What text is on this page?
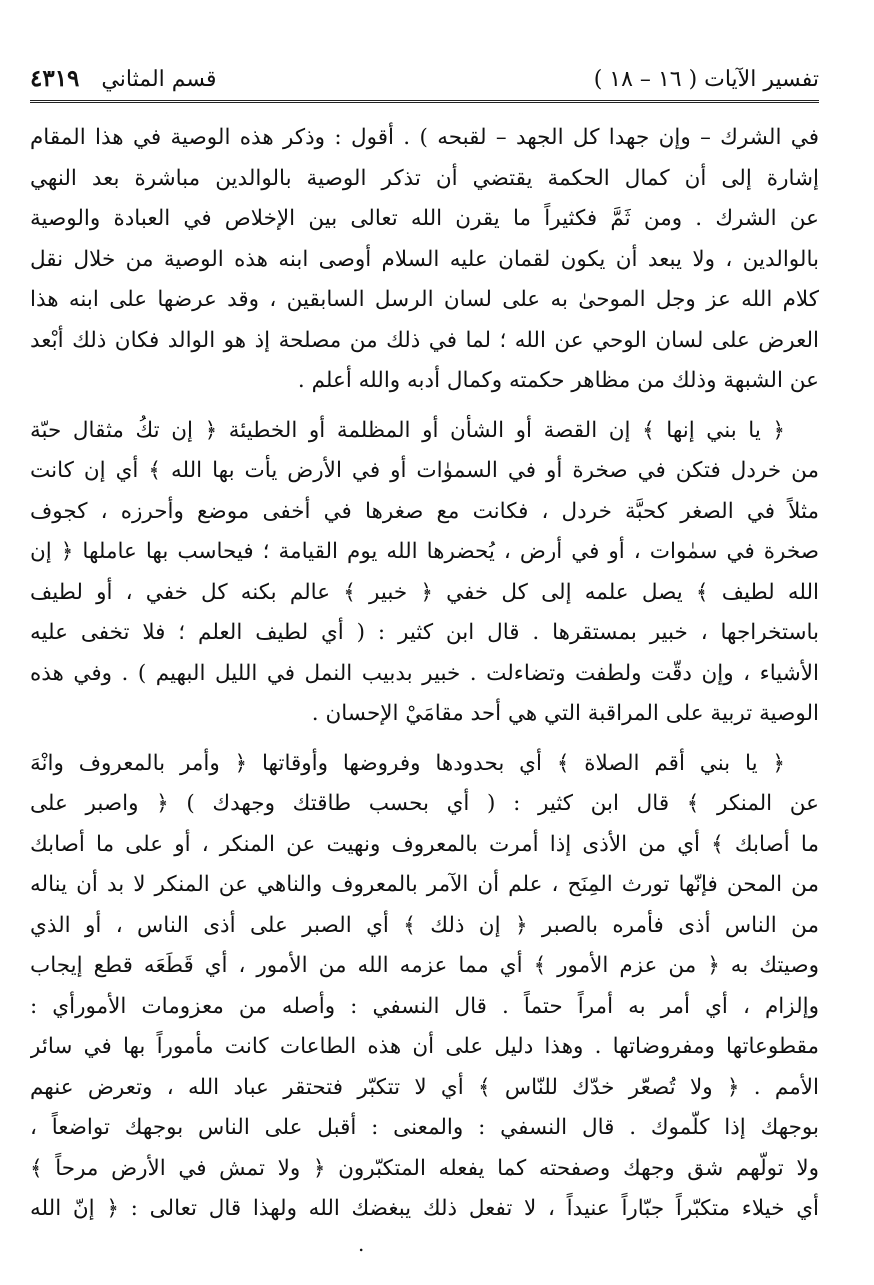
تفسير الآيات ( ١٦ – ١٨ )
قسم المثاني
٤٣١٩
في الشرك – وإن جهدا كل الجهد – لقبحه ) . أقول : وذكر هذه الوصية في هذا المقام
إشارة إلى أن كمال الحكمة يقتضي أن تذكر الوصية بالوالدين مباشرة بعد النهي
عن الشرك . ومن ثَمَّ فكثيراً ما يقرن الله تعالى بين الإخلاص في العبادة والوصية
بالوالدين ، ولا يبعد أن يكون لقمان عليه السلام أوصى ابنه هذه الوصية من خلال نقل
كلام الله عز وجل الموحىٰ به على لسان الرسل السابقين ، وقد عرضها على ابنه هذا
العرض على لسان الوحي عن الله ؛ لما في ذلك من مصلحة إذ هو الوالد فكان ذلك أبْعد
عن الشبهة وذلك من مظاهر حكمته وكمال أدبه والله أعلم .
﴿ يا بني إنها ﴾ إن القصة أو الشأن أو المظلمة أو الخطيئة ﴿ إن تكُ مثقال حبّة
من خردل فتكن في صخرة أو في السموٰات أو في الأرض يأت بها الله ﴾ أي إن كانت
مثلاً في الصغر كحبَّة خردل ، فكانت مع صغرها في أخفى موضع وأحرزه ، كجوف
صخرة في سمٰوات ، أو في أرض ، يُحضرها الله يوم القيامة ؛ فيحاسب بها عاملها ﴿ إن
الله لطيف ﴾ يصل علمه إلى كل خفي ﴿ خبير ﴾ عالم بكنه كل خفي ، أو لطيف
باستخراجها ، خبير بمستقرها . قال ابن كثير : ( أي لطيف العلم ؛ فلا تخفى عليه
الأشياء ، وإن دقّت ولطفت وتضاءلت . خبير بدبيب النمل في الليل البهيم ) . وفي هذه
الوصية تربية على المراقبة التي هي أحد مقامَيْ الإحسان .
﴿ يا بني أقم الصلاة ﴾ أي بحدودها وفروضها وأوقاتها ﴿ وأمر بالمعروف وانْهَ
عن المنكر ﴾ قال ابن كثير : ( أي بحسب طاقتك وجهدك ) ﴿ واصبر على
ما أصابك ﴾ أي من الأذى إذا أمرت بالمعروف ونهيت عن المنكر ، أو على ما أصابك
من المحن فإنّها تورث المِنَح ، علم أن الآمر بالمعروف والناهي عن المنكر لا بد أن يناله
من الناس أذى فأمره بالصبر ﴿ إن ذلك ﴾ أي الصبر على أذى الناس ، أو الذي
وصيتك به ﴿ من عزم الأمور ﴾ أي مما عزمه الله من الأمور ، أي قَطَعَه قطع إيجاب
وإلزام ، أي أمر به أمراً حتماً . قال النسفي : وأصله من معزومات الأمورأي :
مقطوعاتها ومفروضاتها . وهذا دليل على أن هذه الطاعات كانت مأموراً بها في سائر
الأمم . ﴿ ولا تُصعّر خدّك للنّاس ﴾ أي لا تتكبّر فتحتقر عباد الله ، وتعرض عنهم
بوجهك إذا كلّموك . قال النسفي : والمعنى : أقبل على الناس بوجهك تواضعاً ،
ولا تولّهم شق وجهك وصفحته كما يفعله المتكبّرون ﴿ ولا تمش في الأرض مرحاً ﴾
أي خيلاء متكبّراً جبّاراً عنيداً ، لا تفعل ذلك يبغضك الله ولهذا قال تعالى : ﴿ إنّ الله
.
